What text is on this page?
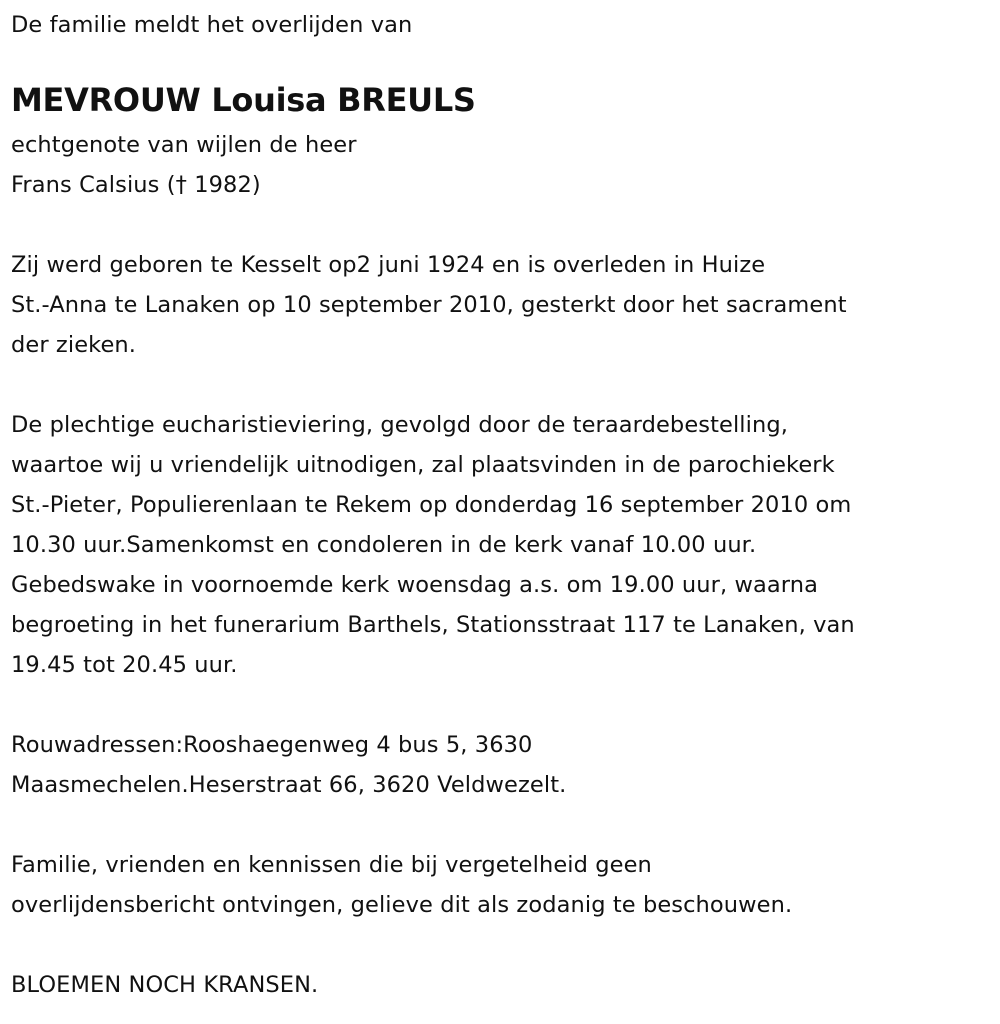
De familie meldt het overlijden van
MEVROUW Louisa BREULS
echtgenote van wijlen de heer
Frans Calsius († 1982)
Zij werd geboren te Kesselt op2 juni 1924 en is overleden in Huize
St.-Anna te Lanaken op 10 september 2010, gesterkt door het sacrament
der zieken.
De plechtige eucharistieviering, gevolgd door de teraardebestelling,
waartoe wij u vriendelijk uitnodigen, zal plaatsvinden in de parochiekerk
St.-Pieter, Populierenlaan te Rekem op donderdag 16 september 2010 om
10.30 uur.Samenkomst en condoleren in de kerk vanaf 10.00 uur.
Gebedswake in voornoemde kerk woensdag a.s. om 19.00 uur, waarna
begroeting in het funerarium Barthels, Stationsstraat 117 te Lanaken, van
19.45 tot 20.45 uur.
Rouwadressen:Rooshaegenweg 4 bus 5, 3630
Maasmechelen.Heserstraat 66, 3620 Veldwezelt.
Familie, vrienden en kennissen die bij vergetelheid geen
overlijdensbericht ontvingen, gelieve dit als zodanig te beschouwen.
BLOEMEN NOCH KRANSEN.
